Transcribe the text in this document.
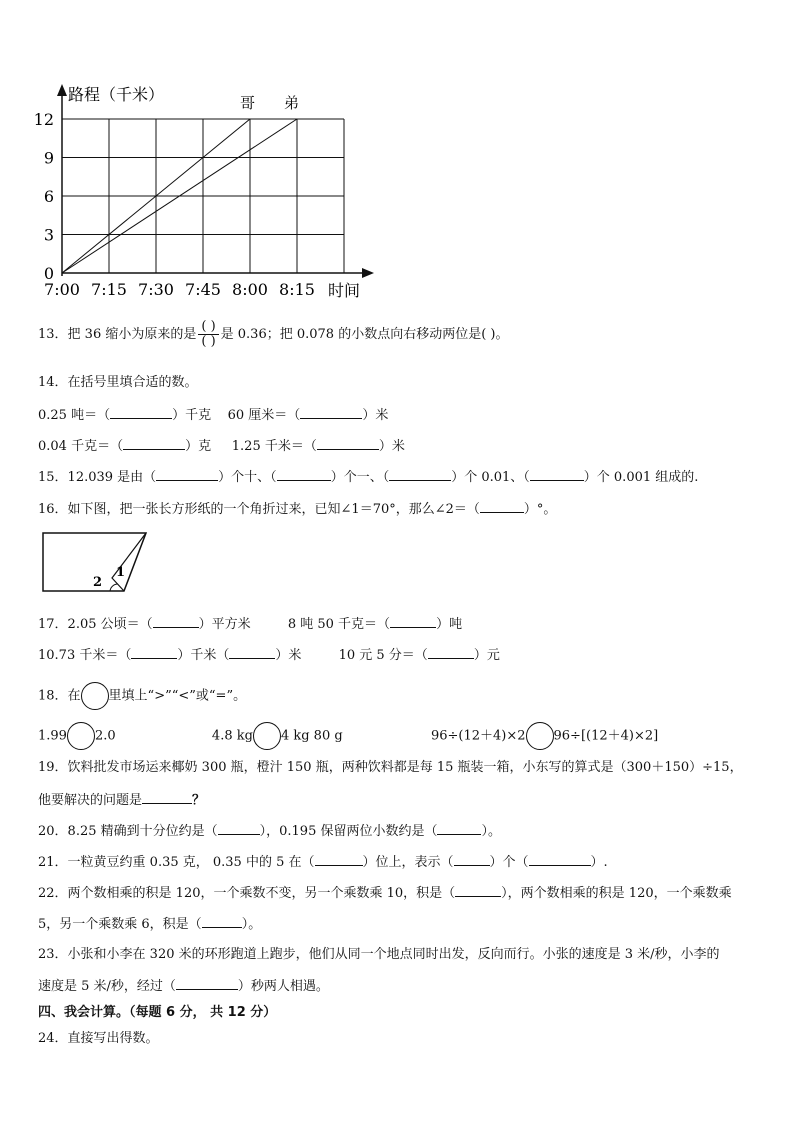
路程（千米）
时间
哥 弟
0
3
6
9
12
7:00 7:15 7:30 7:45 8:00 8:15
13．把 36 缩小为原来的是 $\frac{( )}{( )}$ 是 0.36；把 0.078 的小数点向右移动两位是( )。
14．在括号里填合适的数。
0.25 吨＝（	）千克 60 厘米＝（	）米
0.04 千克＝（	）克 1.25 千米＝（	）米
15．12.039 是由（	）个十、（	）个一、（	）个 0.01、（	）个 0.001 组成的.
16．如下图，把一张长方形纸的一个角折过来，已知∠1＝70°，那么∠2＝（	）°。
1
2
17．2.05 公顷＝（	）平方米	8 吨 50 千克＝（	）吨
10.73 千米＝（	）千米（	）米	10 元 5 分＝（	）元
18．在 里填上“>”“<”或“=”。
1.99 2.0	4.8 kg 4 kg 80 g	96÷(12＋4)×2 96÷[(12＋4)×2]
19．饮料批发市场运来椰奶 300 瓶，橙汁 150 瓶，两种饮料都是每 15 瓶装一箱，小东写的算式是（300＋150）÷15，
他要解决的问题是	？
20．8.25 精确到十分位约是（	），0.195 保留两位小数约是（	）。
21．一粒黄豆约重 0.35 克， 0.35 中的 5 在（	）位上，表示（	）个（	）.
22．两个数相乘的积是 120，一个乘数不变，另一个乘数乘 10，积是（	），两个数相乘的积是 120，一个乘数乘
5，另一个乘数乘 6，积是（	）。
23．小张和小李在 320 米的环形跑道上跑步，他们从同一个地点同时出发，反向而行。小张的速度是 3 米/秒，小李的
速度是 5 米/秒，经过（	）秒两人相遇。
四、我会计算。（每题 6 分， 共 12 分）
24．直接写出得数。
